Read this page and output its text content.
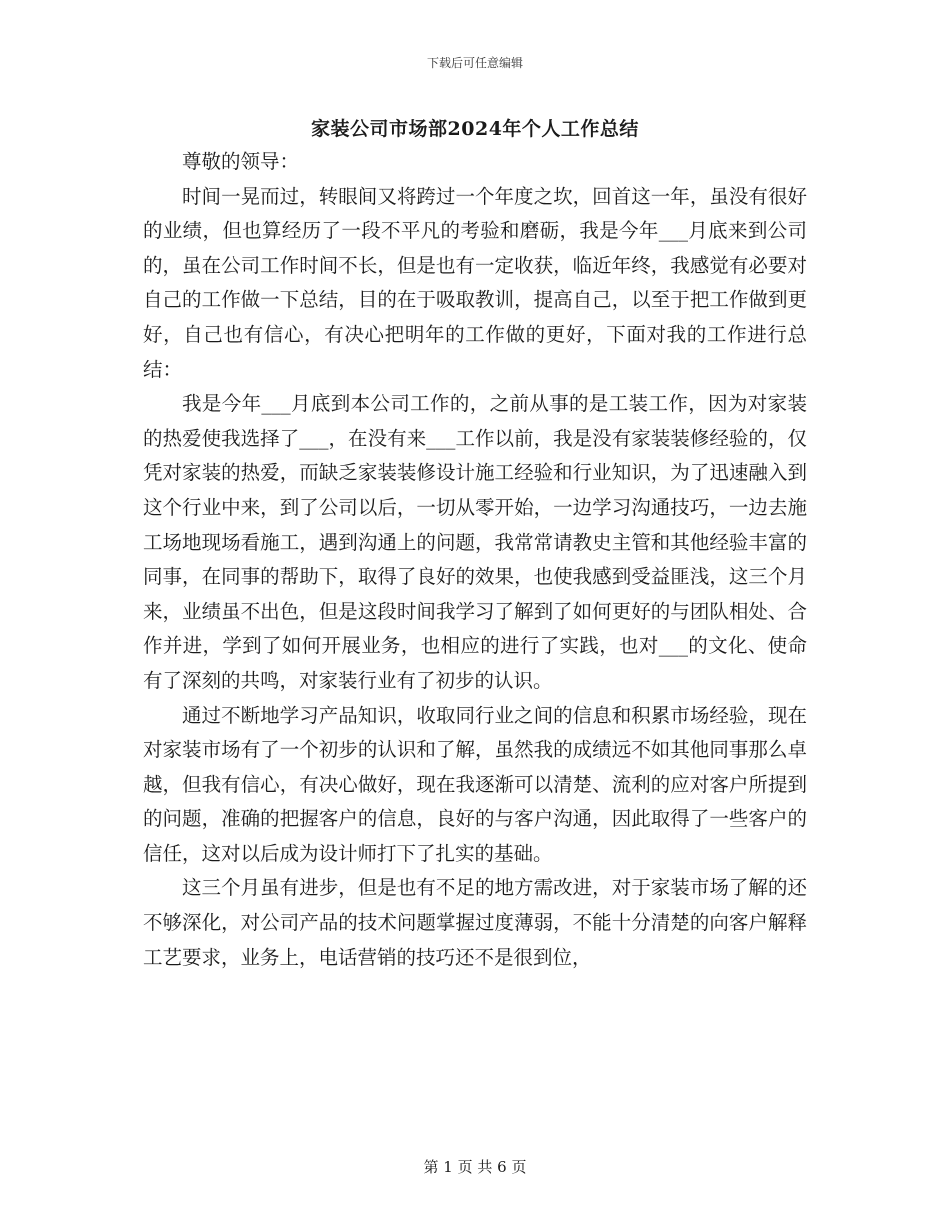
下载后可任意编辑
家装公司市场部2024年个人工作总结

尊敬的领导：

时间一晃而过，转眼间又将跨过一个年度之坎，回首这一年，虽没有很好的业绩，但也算经历了一段不平凡的考验和磨砺，我是今年___月底来到公司的，虽在公司工作时间不长，但是也有一定收获，临近年终，我感觉有必要对自己的工作做一下总结，目的在于吸取教训，提高自己，以至于把工作做到更好，自己也有信心，有决心把明年的工作做的更好，下面对我的工作进行总结：

我是今年___月底到本公司工作的，之前从事的是工装工作，因为对家装的热爱使我选择了___，在没有来___工作以前，我是没有家装装修经验的，仅凭对家装的热爱，而缺乏家装装修设计施工经验和行业知识，为了迅速融入到这个行业中来，到了公司以后，一切从零开始，一边学习沟通技巧，一边去施工场地现场看施工，遇到沟通上的问题，我常常请教史主管和其他经验丰富的同事，在同事的帮助下，取得了良好的效果，也使我感到受益匪浅，这三个月来，业绩虽不出色，但是这段时间我学习了解到了如何更好的与团队相处、合作并进，学到了如何开展业务，也相应的进行了实践，也对___的文化、使命有了深刻的共鸣，对家装行业有了初步的认识。

通过不断地学习产品知识，收取同行业之间的信息和积累市场经验，现在对家装市场有了一个初步的认识和了解，虽然我的成绩远不如其他同事那么卓越，但我有信心，有决心做好，现在我逐渐可以清楚、流利的应对客户所提到的问题，准确的把握客户的信息，良好的与客户沟通，因此取得了一些客户的信任，这对以后成为设计师打下了扎实的基础。

这三个月虽有进步，但是也有不足的地方需改进，对于家装市场了解的还不够深化，对公司产品的技术问题掌握过度薄弱，不能十分清楚的向客户解释工艺要求，业务上，电话营销的技巧还不是很到位，

第 1 页 共 6 页
